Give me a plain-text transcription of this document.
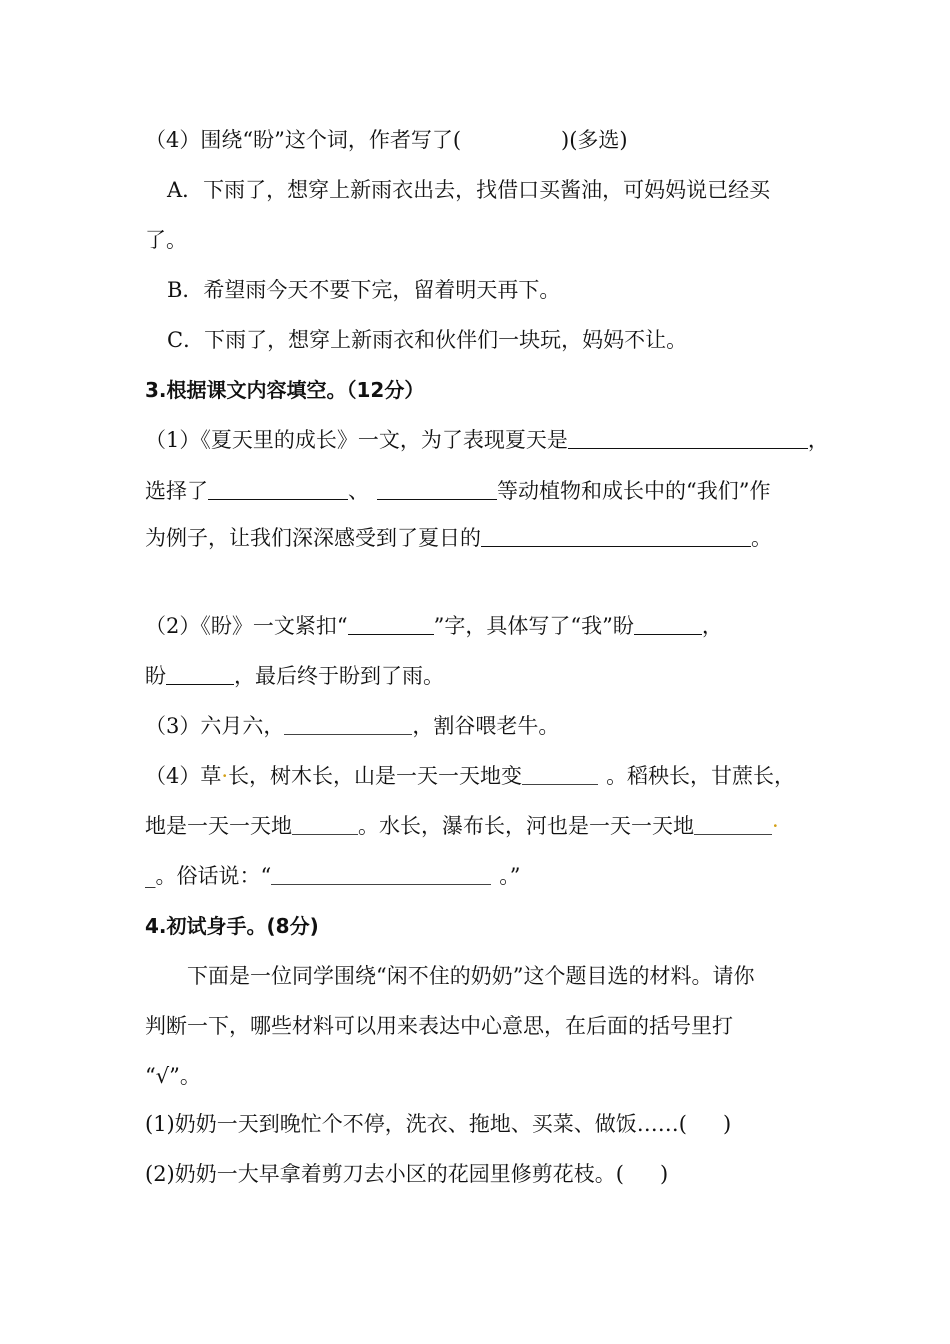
（4）围绕“盼”这个词，作者写了(	)(多选)
A．下雨了，想穿上新雨衣出去，找借口买酱油，可妈妈说已经买
了。
B．希望雨今天不要下完，留着明天再下。
C．下雨了，想穿上新雨衣和伙伴们一块玩，妈妈不让。
3.根据课文内容填空。（12分）
（1）《夏天里的成长》一文，为了表现夏天是	，
选择了	、	等动植物和成长中的“我们”作
为例子，让我们深深感受到了夏日的	。
（2）《盼》一文紧扣“	”字，具体写了“我”盼	，
盼	，最后终于盼到了雨。
（3）六月六，	，割谷喂老牛。
（4）草·长，树木长，山是一天一天地变	。稻秧长，甘蔗长，
地是一天一天地	。水长，瀑布长，河也是一天一天地	·
_。俗话说：“	。”
4.初试身手。(8分)
下面是一位同学围绕“闲不住的奶奶”这个题目选的材料。请你
判断一下，哪些材料可以用来表达中心意思，在后面的括号里打
“√”。
(1)奶奶一天到晚忙个不停，洗衣、拖地、买菜、做饭……( )
(2)奶奶一大早拿着剪刀去小区的花园里修剪花枝。( )
